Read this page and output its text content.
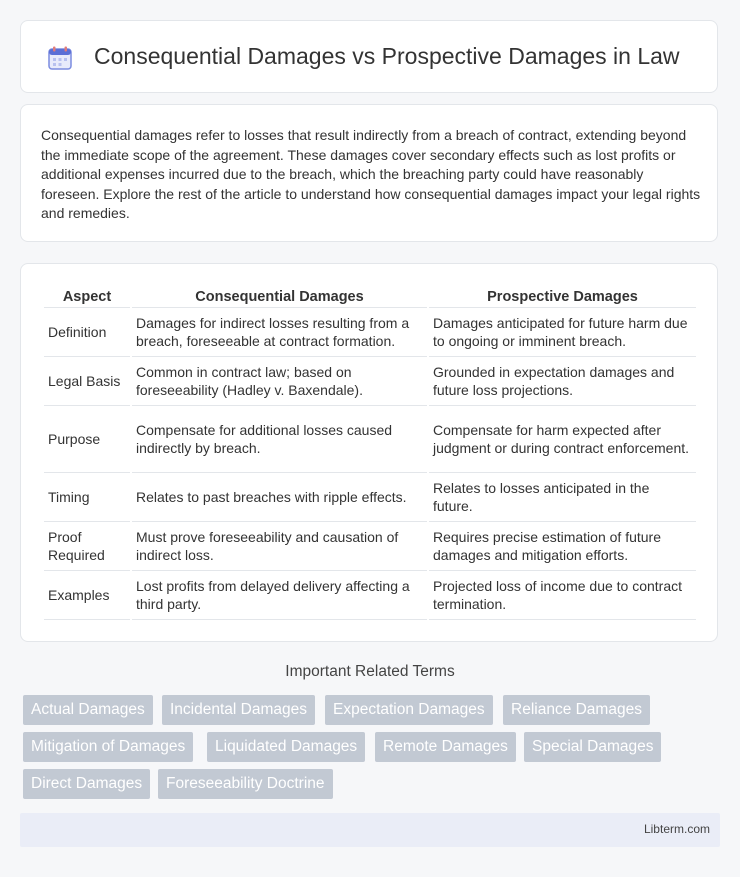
Consequential Damages vs Prospective Damages in Law

Consequential damages refer to losses that result indirectly from a breach of contract, extending beyond the immediate scope of the agreement. These damages cover secondary effects such as lost profits or additional expenses incurred due to the breach, which the breaching party could have reasonably foreseen. Explore the rest of the article to understand how consequential damages impact your legal rights and remedies.

Aspect	Consequential Damages	Prospective Damages
Definition	Damages for indirect losses resulting from a breach, foreseeable at contract formation.	Damages anticipated for future harm due to ongoing or imminent breach.
Legal Basis	Common in contract law; based on foreseeability (Hadley v. Baxendale).	Grounded in expectation damages and future loss projections.
Purpose	Compensate for additional losses caused indirectly by breach.	Compensate for harm expected after judgment or during contract enforcement.
Timing	Relates to past breaches with ripple effects.	Relates to losses anticipated in the future.
Proof Required	Must prove foreseeability and causation of indirect loss.	Requires precise estimation of future damages and mitigation efforts.
Examples	Lost profits from delayed delivery affecting a third party.	Projected loss of income due to contract termination.
Important Related Terms
Actual Damages	Incidental Damages	Expectation Damages	Reliance Damages
Mitigation of Damages	Liquidated Damages	Remote Damages	Special Damages
Direct Damages	Foreseeability Doctrine
Libterm.com
